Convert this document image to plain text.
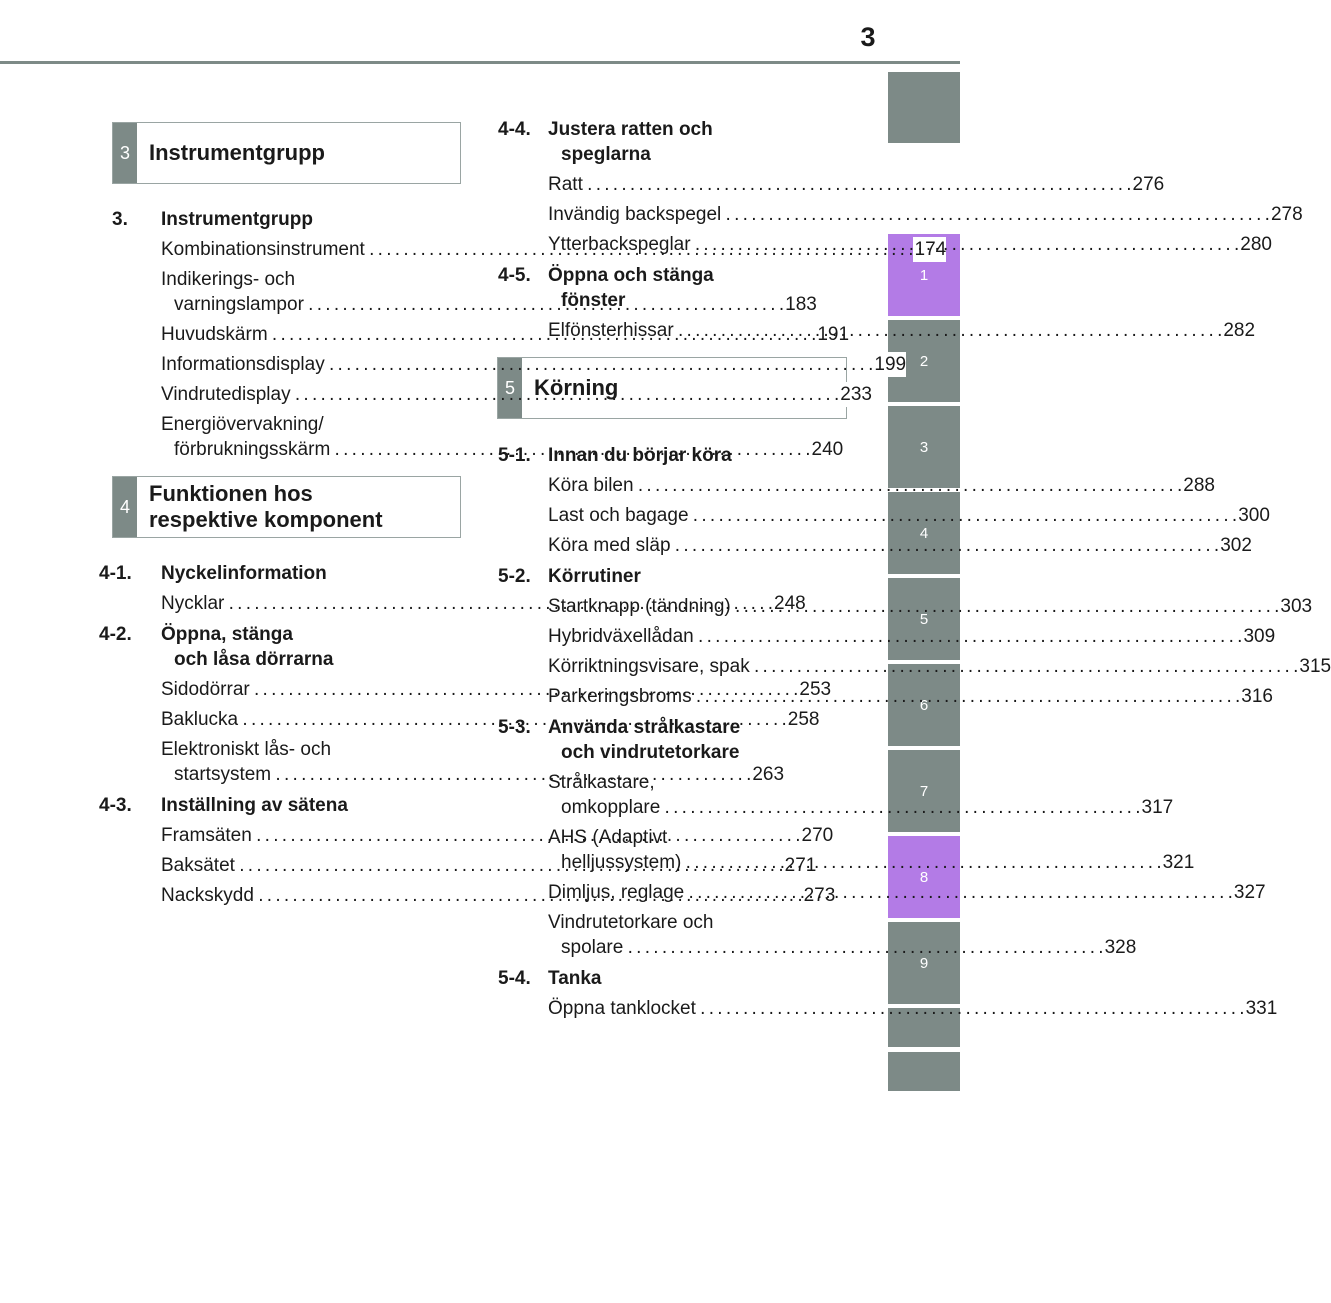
3
1
2
3
4
5
6
7
8
9
3 Instrumentgrupp
4
Funktionen hos
respektive komponent
5 Körning
3.	Instrumentgrupp
Kombinationsinstrument . . .	174
Indikerings- och
varningslampor . . .	183
Huvudskärm . . .	191
Informationsdisplay . . .	199
Vindrutedisplay . . .	233
Energiövervakning/
förbrukningsskärm . . .	240
4-1.	Nyckelinformation
Nycklar . . .	248
4-2.	Öppna, stänga
och låsa dörrarna
Sidodörrar . . .	253
Baklucka . . .	258
Elektroniskt lås- och
startsystem . . .	263
4-3.	Inställning av sätena
Framsäten . . .	270
Baksätet . . .	271
Nackskydd . . .	273
4-4. Justera ratten och
speglarna
Ratt . . .	276
Invändig backspegel . . .	278
Ytterbackspeglar . . .	280
4-5. Öppna och stänga
fönster
Elfönsterhissar . . .	282
5-1. Innan du börjar köra
Köra bilen . . .	288
Last och bagage . . .	300
Köra med släp . . .	302
5-2. Körrutiner
Startknapp (tändning) . . .	303
Hybridväxellådan . . .	309
Körriktningsvisare, spak . . .	315
Parkeringsbroms . . .	316
5-3. Använda strålkastare
och vindrutetorkare
Strålkastare,
omkopplare . . .	317
AHS (Adaptivt
helljussystem) . . .	321
Dimljus, reglage . . .	327
Vindrutetorkare och
spolare . . .	328
5-4. Tanka
Öppna tanklocket . . .	331
